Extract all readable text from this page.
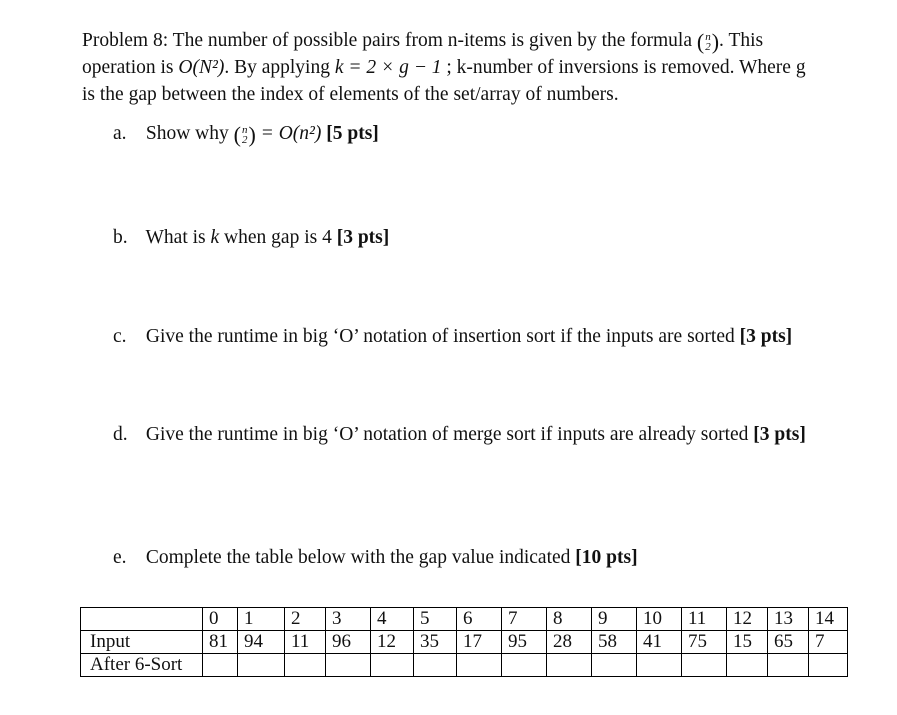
Problem 8: The number of possible pairs from n-items is given by the formula ( n
2 ) . This
operation is O(N²). By applying k = 2 × g − 1 ; k-number of inversions is removed. Where g
is the gap between the index of elements of the set/array of numbers.
a. Show why ( n
2 ) = O(n²) [5 pts]
b. What is k when gap is 4 [3 pts]
c. Give the runtime in big ‘O’ notation of insertion sort if the inputs are sorted [3 pts]
d. Give the runtime in big ‘O’ notation of merge sort if inputs are already sorted [3 pts]
e. Complete the table below with the gap value indicated [10 pts]
	0	1	2	3	4	5	6	7	8	9	10	11	12	13	14
Input	81	94	11	96	12	35	17	95	28	58	41	75	15	65	7
After 6-Sort															
